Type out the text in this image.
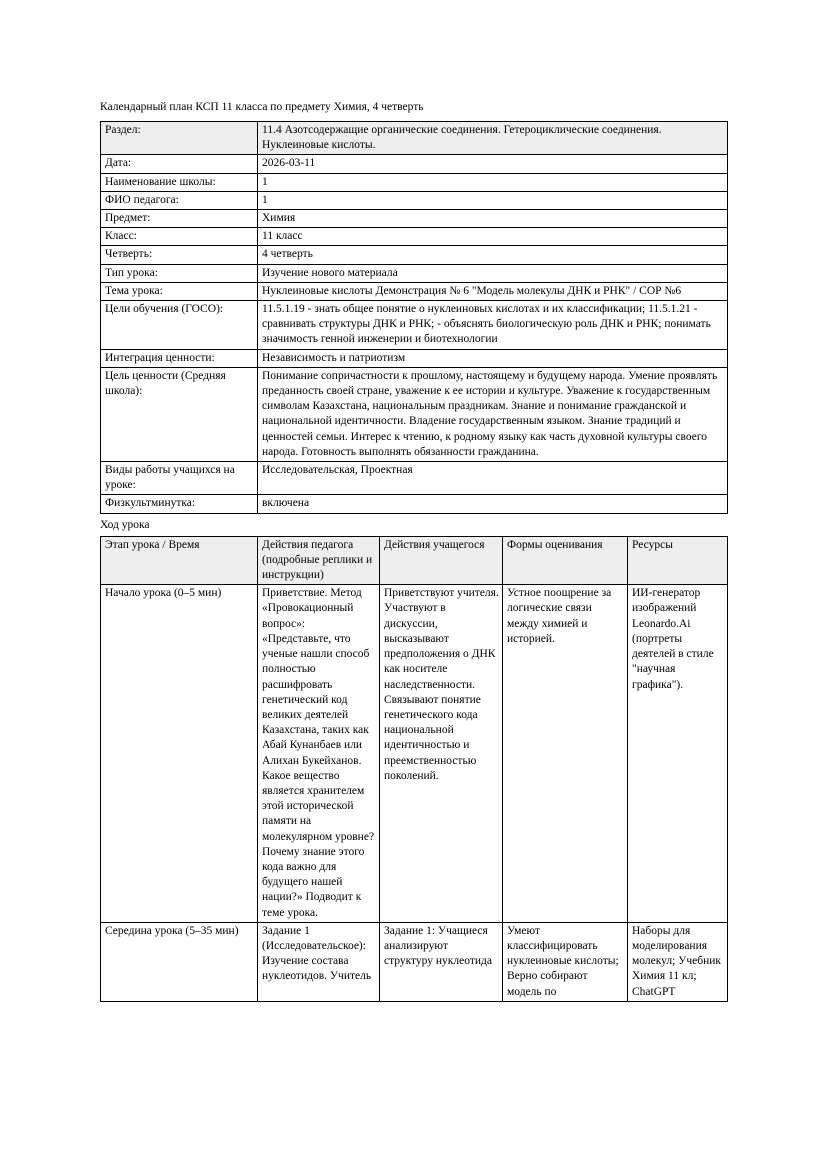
Календарный план КСП 11 класса по предмету Химия, 4 четверть
Раздел:	11.4 Азотсодержащие органические соединения. Гетероциклические соединения. Нуклеиновые кислоты.
Дата:	2026-03-11
Наименование школы:	1
ФИО педагога:	1
Предмет:	Химия
Класс:	11 класс
Четверть:	4 четверть
Тип урока:	Изучение нового материала
Тема урока:	Нуклеиновые кислоты Демонстрация № 6 "Модель молекулы ДНК и РНК" / СОР №6
Цели обучения (ГОСО):	11.5.1.19 - знать общее понятие о нуклеиновых кислотах и их классификации; 11.5.1.21 - сравнивать структуры ДНК и РНК; - объяснять биологическую роль ДНК и РНК; понимать значимость генной инженерии и биотехнологии
Интеграция ценности:	Независимость и патриотизм
Цель ценности (Средняя школа):	Понимание сопричастности к прошлому, настоящему и будущему народа. Умение проявлять преданность своей стране, уважение к ее истории и культуре. Уважение к государственным символам Казахстана, национальным праздникам. Знание и понимание гражданской и национальной идентичности. Владение государственным языком. Знание традиций и ценностей семьи. Интерес к чтению, к родному языку как часть духовной культуры своего народа. Готовность выполнять обязанности гражданина.
Виды работы учащихся на уроке:	Исследовательская, Проектная
Физкультминутка:	включена
Ход урока
Этап урока / Время	Действия педагога (подробные реплики и инструкции)	Действия учащегося	Формы оценивания	Ресурсы
Начало урока (0–5 мин)	Приветствие. Метод «Провокационный вопрос»: «Представьте, что ученые нашли способ полностью расшифровать генетический код великих деятелей Казахстана, таких как Абай Кунанбаев или Алихан Букейханов. Какое вещество является хранителем этой исторической памяти на молекулярном уровне? Почему знание этого кода важно для будущего нашей нации?» Подводит к теме урока.	Приветствуют учителя. Участвуют в дискуссии, высказывают предположения о ДНК как носителе наследственности. Связывают понятие генетического кода национальной идентичностью и преемственностью поколений.	Устное поощрение за логические связи между химией и историей.	ИИ-генератор изображений Leonardo.Ai (портреты деятелей в стиле "научная графика").
Середина урока (5–35 мин)	Задание 1 (Исследовательское): Изучение состава нуклеотидов. Учитель	Задание 1: Учащиеся анализируют структуру нуклеотида	Умеют классифицировать нуклеиновые кислоты; Верно собирают модель по	Наборы для моделирования молекул; Учебник Химия 11 кл; ChatGPT
